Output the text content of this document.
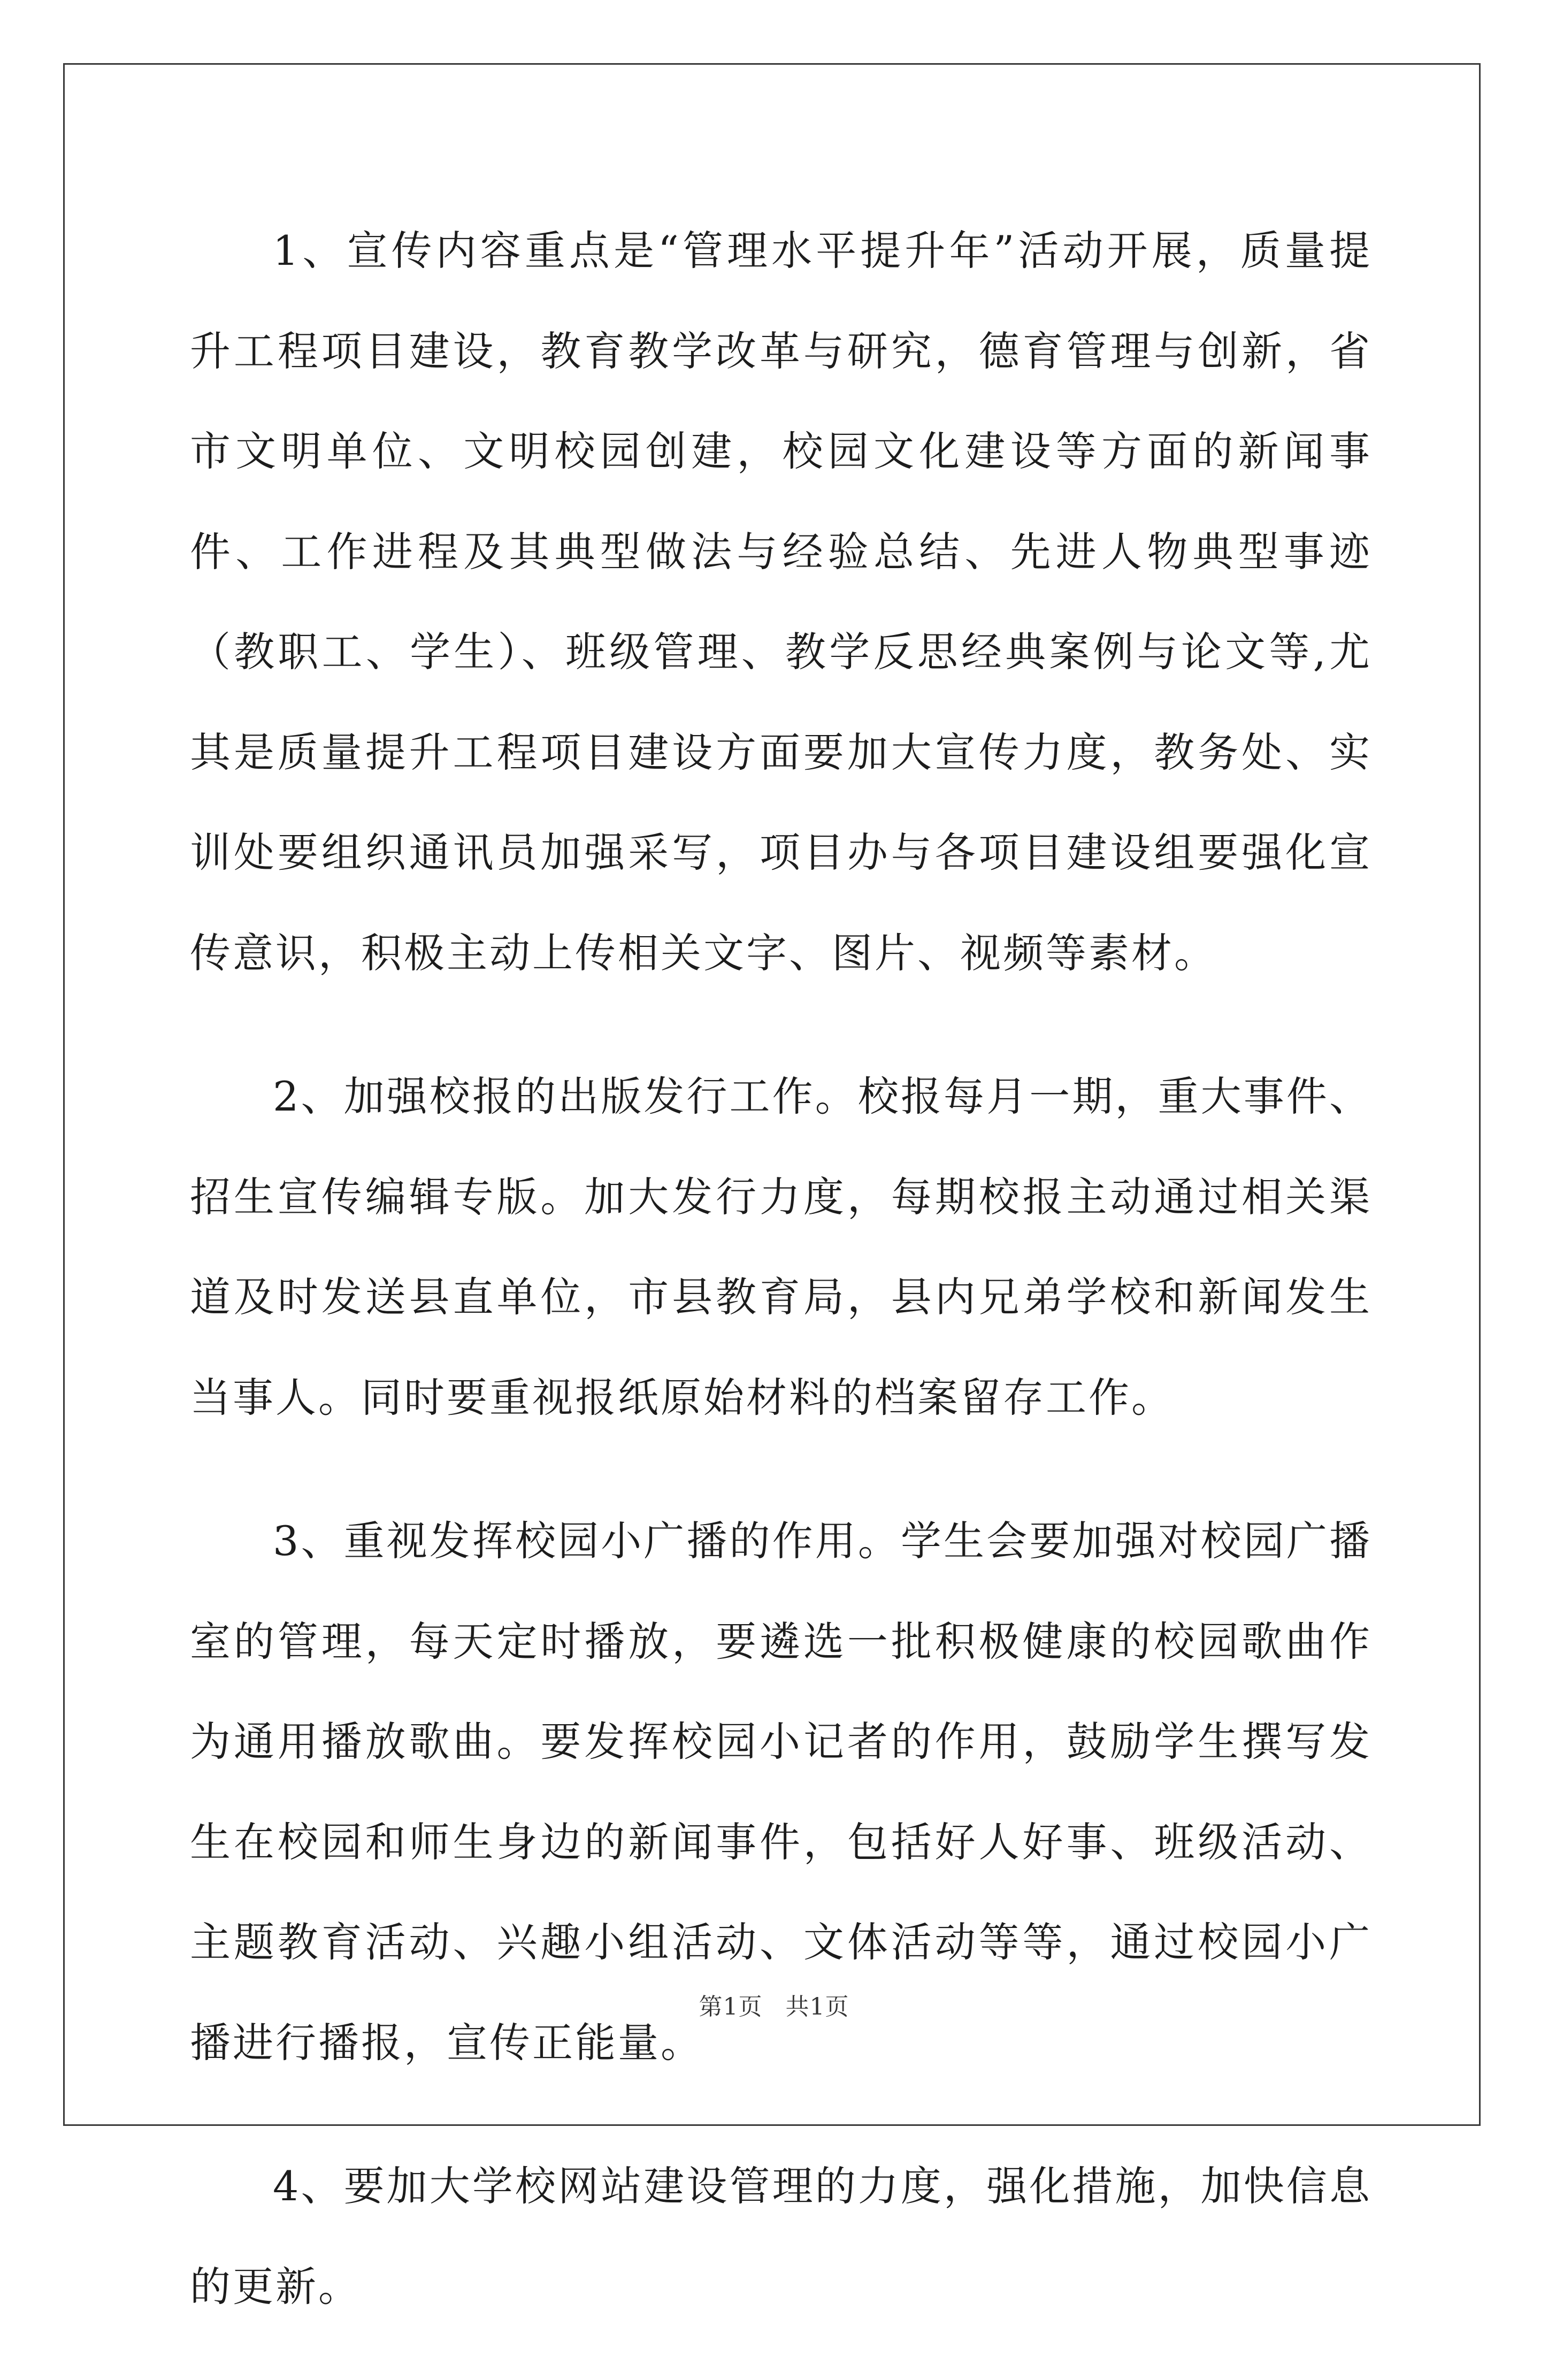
1、宣传内容重点是“管理水平提升年”活动开展，质量提升工程项目建设，教育教学改革与研究，德育管理与创新，省市文明单位、文明校园创建，校园文化建设等方面的新闻事件、工作进程及其典型做法与经验总结、先进人物典型事迹（教职工、学生）、班级管理、教学反思经典案例与论文等,尤其是质量提升工程项目建设方面要加大宣传力度，教务处、实训处要组织通讯员加强采写，项目办与各项目建设组要强化宣传意识，积极主动上传相关文字、图片、视频等素材。

2、加强校报的出版发行工作。校报每月一期，重大事件、招生宣传编辑专版。加大发行力度，每期校报主动通过相关渠道及时发送县直单位，市县教育局，县内兄弟学校和新闻发生当事人。同时要重视报纸原始材料的档案留存工作。

3、重视发挥校园小广播的作用。学生会要加强对校园广播室的管理，每天定时播放，要遴选一批积极健康的校园歌曲作为通用播放歌曲。要发挥校园小记者的作用，鼓励学生撰写发生在校园和师生身边的新闻事件，包括好人好事、班级活动、主题教育活动、兴趣小组活动、文体活动等等，通过校园小广播进行播报，宣传正能量。

4、要加大学校网站建设管理的力度，强化措施，加快信息的更新。

第1页 共1页
